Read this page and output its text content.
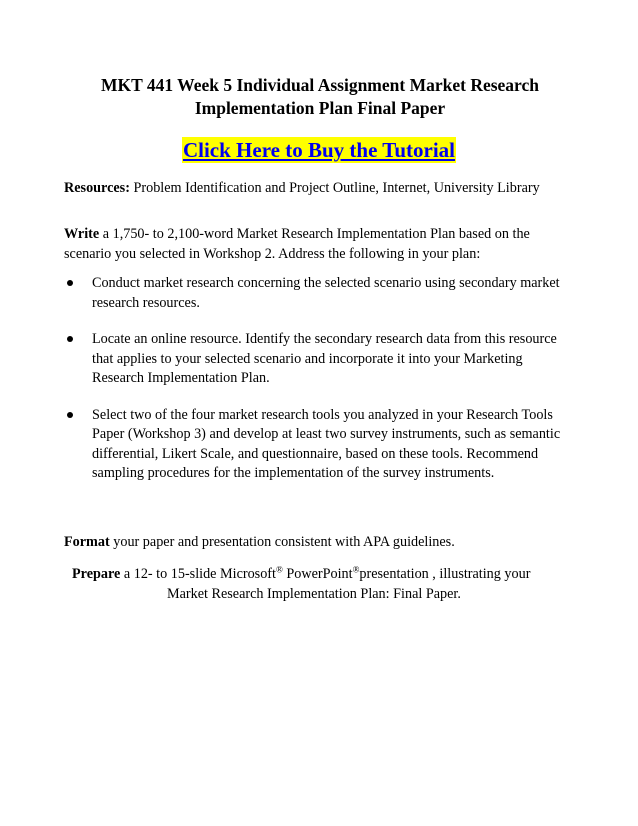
MKT 441 Week 5 Individual Assignment Market Research
Implementation Plan Final Paper
Click Here to Buy the Tutorial
Resources: Problem Identification and Project Outline, Internet, University Library
Write a 1,750- to 2,100-word Market Research Implementation Plan based on the scenario you selected in Workshop 2. Address the following in your plan:
Conduct market research concerning the selected scenario using secondary market research resources.
Locate an online resource. Identify the secondary research data from this resource that applies to your selected scenario and incorporate it into your Marketing Research Implementation Plan.
Select two of the four market research tools you analyzed in your Research Tools Paper (Workshop 3) and develop at least two survey instruments, such as semantic differential, Likert Scale, and questionnaire, based on these tools. Recommend sampling procedures for the implementation of the survey instruments.
Format your paper and presentation consistent with APA guidelines.
Prepare a 12- to 15-slide Microsoft® PowerPoint®presentation , illustrating your
Market Research Implementation Plan: Final Paper.
